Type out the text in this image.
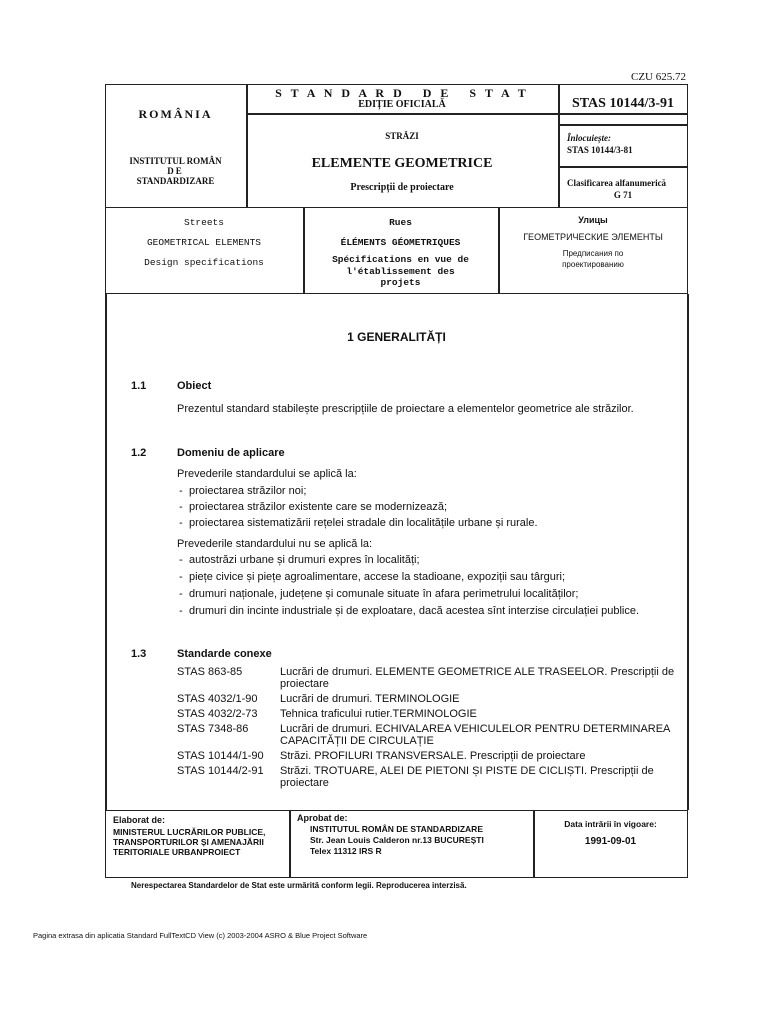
CZU 625.72
ROMÂNIA
INSTITUTUL ROMÂN
DE
STANDARDIZARE
S T A N D A R D   D E   S T A T
EDIȚIE OFICIALĂ	STAS 10144/3-91
STRĂZI
ELEMENTE GEOMETRICE
Prescripții de proiectare
Înlocuiește:
STAS 10144/3-81
Clasificarea alfanumerică
G 71
Streets
GEOMETRICAL ELEMENTS
Design specifications
Rues
ÉLÉMENTS GÉOMETRIQUES
Spécifications en vue de
l'établissement des
projets
Улицы
ГЕОМЕТРИЧЕСКИЕ ЭЛЕМЕНТЫ
Предписания по
проектированию
1 GENERALITĂȚI
1.1	Obiect
Prezentul standard stabilește prescripțiile de proiectare a elementelor geometrice ale străzilor.
1.2	Domeniu de aplicare
Prevederile standardului se aplică la:
- proiectarea străzilor noi;
- proiectarea străzilor existente care se modernizează;
- proiectarea sistematizării rețelei stradale din localitățile urbane și rurale.
Prevederile standardului nu se aplică la:
- autostrăzi urbane și drumuri expres în localități;
- piețe civice și piețe agroalimentare, accese la stadioane, expoziții sau târguri;
- drumuri naționale, județene și comunale situate în afara perimetrului localităților;
- drumuri din incinte industriale și de exploatare, dacă acestea sînt interzise circulației publice.
1.3	Standarde conexe
STAS 863-85	Lucrări de drumuri. ELEMENTE GEOMETRICE ALE TRASEELOR. Prescripții de proiectare
STAS 4032/1-90	Lucrări de drumuri. TERMINOLOGIE
STAS 4032/2-73	Tehnica traficului rutier.TERMINOLOGIE
STAS 7348-86	Lucrări de drumuri. ECHIVALAREA VEHICULELOR PENTRU DETERMINAREA CAPACITĂȚII DE CIRCULAȚIE
STAS 10144/1-90	Străzi. PROFILURI TRANSVERSALE. Prescripții de proiectare
STAS 10144/2-91	Străzi. TROTUARE, ALEI DE PIETONI ȘI PISTE DE CICLIȘTI. Prescripții de proiectare
Elaborat de:
MINISTERUL LUCRĂRILOR PUBLICE,
TRANSPORTURILOR ȘI AMENAJĂRII
TERITORIALE URBANPROIECT
Aprobat de:
INSTITUTUL ROMÂN DE STANDARDIZARE
Str. Jean Louis Calderon nr.13 BUCUREȘTI
Telex 11312 IRS R
Data intrării în vigoare:
1991-09-01
Nerespectarea Standardelor de Stat este urmărită conform legii. Reproducerea interzisă.
Pagina extrasa din aplicatia Standard FullTextCD View (c) 2003-2004 ASRO & Blue Project Software
